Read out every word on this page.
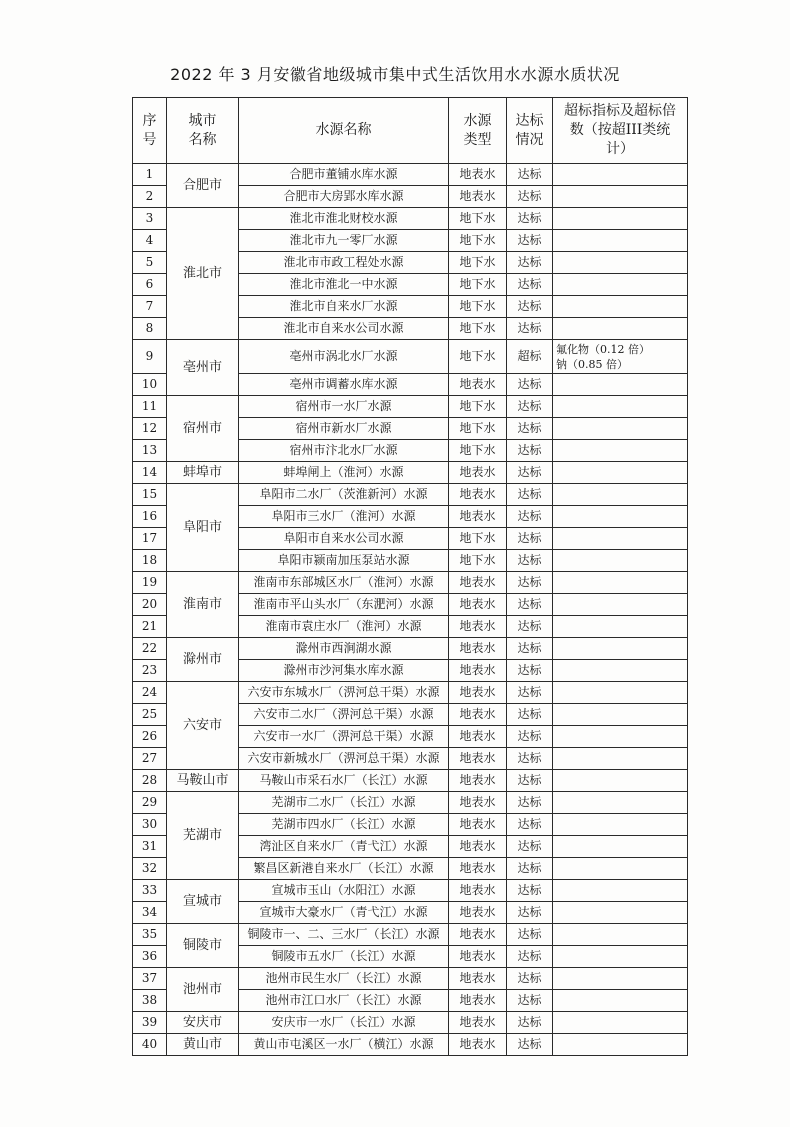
2022 年 3 月安徽省地级城市集中式生活饮用水水源水质状况
序号	城市名称	水源名称	水源类型	达标情况	超标指标及超标倍数（按超III类统计）

1	合肥市	合肥市董铺水库水源	地表水	达标	
2		合肥市大房郢水库水源	地表水	达标	
3	淮北市	淮北市淮北财校水源	地下水	达标	
4		淮北市九一零厂水源	地下水	达标	
5		淮北市市政工程处水源	地下水	达标	
6		淮北市淮北一中水源	地下水	达标	
7		淮北市自来水厂水源	地下水	达标	
8		淮北市自来水公司水源	地下水	达标	
9	亳州市	亳州市涡北水厂水源	地下水	超标	氟化物（0.12 倍）
钠（0.85 倍）

10		亳州市调蓄水库水源	地表水	达标	
11	宿州市	宿州市一水厂水源	地下水	达标	
12		宿州市新水厂水源	地下水	达标	
13		宿州市汴北水厂水源	地下水	达标	
14	蚌埠市	蚌埠闸上（淮河）水源	地表水	达标	
15	阜阳市	阜阳市二水厂（茨淮新河）水源	地表水	达标	
16		阜阳市三水厂（淮河）水源	地表水	达标	
17		阜阳市自来水公司水源	地下水	达标	
18		阜阳市颍南加压泵站水源	地下水	达标	
19	淮南市	淮南市东部城区水厂（淮河）水源	地表水	达标	
20		淮南市平山头水厂（东淝河）水源	地表水	达标	
21		淮南市袁庄水厂（淮河）水源	地表水	达标	
22	滁州市	滁州市西涧湖水源	地表水	达标	
23		滁州市沙河集水库水源	地表水	达标	
24	六安市	六安市东城水厂（淠河总干渠）水源	地表水	达标	
25		六安市二水厂（淠河总干渠）水源	地表水	达标	
26		六安市一水厂（淠河总干渠）水源	地表水	达标	
27		六安市新城水厂（淠河总干渠）水源	地表水	达标	
28	马鞍山市	马鞍山市采石水厂（长江）水源	地表水	达标	
29	芜湖市	芜湖市二水厂（长江）水源	地表水	达标	
30		芜湖市四水厂（长江）水源	地表水	达标	
31		湾沚区自来水厂（青弋江）水源	地表水	达标	
32		繁昌区新港自来水厂（长江）水源	地表水	达标	
33	宣城市	宣城市玉山（水阳江）水源	地表水	达标	
34		宣城市大豪水厂（青弋江）水源	地表水	达标	
35	铜陵市	铜陵市一、二、三水厂（长江）水源	地表水	达标	
36		铜陵市五水厂（长江）水源	地表水	达标	
37	池州市	池州市民生水厂（长江）水源	地表水	达标	
38		池州市江口水厂（长江）水源	地表水	达标	
39	安庆市	安庆市一水厂（长江）水源	地表水	达标	
40	黄山市	黄山市屯溪区一水厂（横江）水源	地表水	达标	
